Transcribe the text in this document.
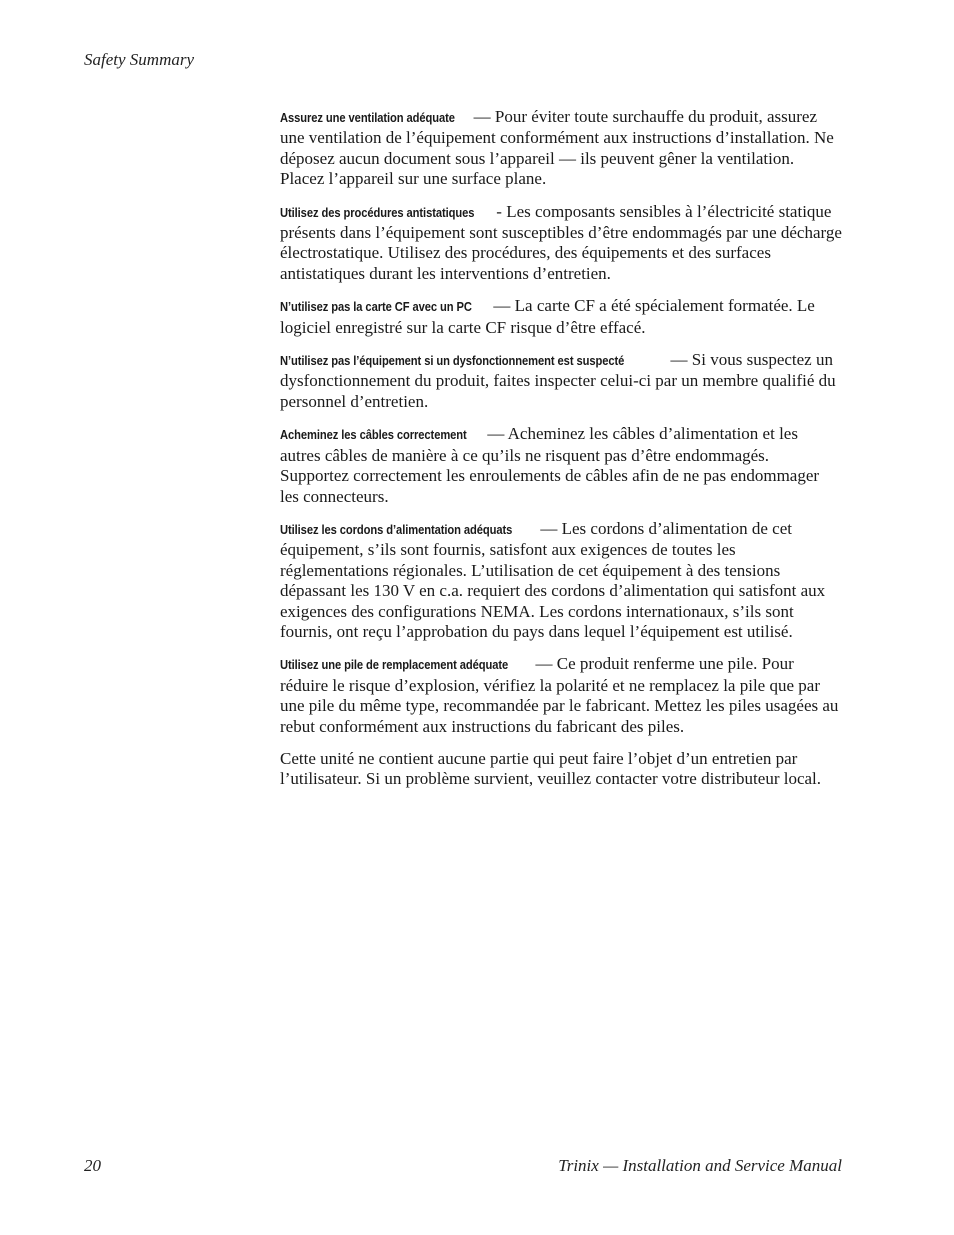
Safety Summary

Assurez une ventilation adéquate — Pour éviter toute surchauffe du produit, assurez une ventilation de l’équipement conformément aux instructions d’installation. Ne déposez aucun document sous l’appareil — ils peuvent gêner la ventilation. Placez l’appareil sur une surface plane.

Utilisez des procédures antistatiques - Les composants sensibles à l’électricité statique présents dans l’équipement sont susceptibles d’être endommagés par une décharge électrostatique. Utilisez des procédures, des équipements et des surfaces antistatiques durant les interventions d’entretien.

N’utilisez pas la carte CF avec un PC — La carte CF a été spécialement formatée. Le logiciel enregistré sur la carte CF risque d’être effacé.

N’utilisez pas l’équipement si un dysfonctionnement est suspecté — Si vous suspectez un dysfonctionnement du produit, faites inspecter celui-ci par un membre qualifié du personnel d’entretien.

Acheminez les câbles correctement — Acheminez les câbles d’alimentation et les autres câbles de manière à ce qu’ils ne risquent pas d’être endommagés. Supportez correctement les enroulements de câbles afin de ne pas endommager les connecteurs.

Utilisez les cordons d’alimentation adéquats — Les cordons d’alimentation de cet équipement, s’ils sont fournis, satisfont aux exigences de toutes les réglementations régionales. L’utilisation de cet équipement à des tensions dépassant les 130 V en c.a. requiert des cordons d’alimentation qui satisfont aux exigences des configurations NEMA. Les cordons internationaux, s’ils sont fournis, ont reçu l’approbation du pays dans lequel l’équipement est utilisé.

Utilisez une pile de remplacement adéquate — Ce produit renferme une pile. Pour réduire le risque d’explosion, vérifiez la polarité et ne remplacez la pile que par une pile du même type, recommandée par le fabricant. Mettez les piles usagées au rebut conformément aux instructions du fabricant des piles.

Cette unité ne contient aucune partie qui peut faire l’objet d’un entretien par l’utilisateur. Si un problème survient, veuillez contacter votre distributeur local.

20	Trinix — Installation and Service Manual
